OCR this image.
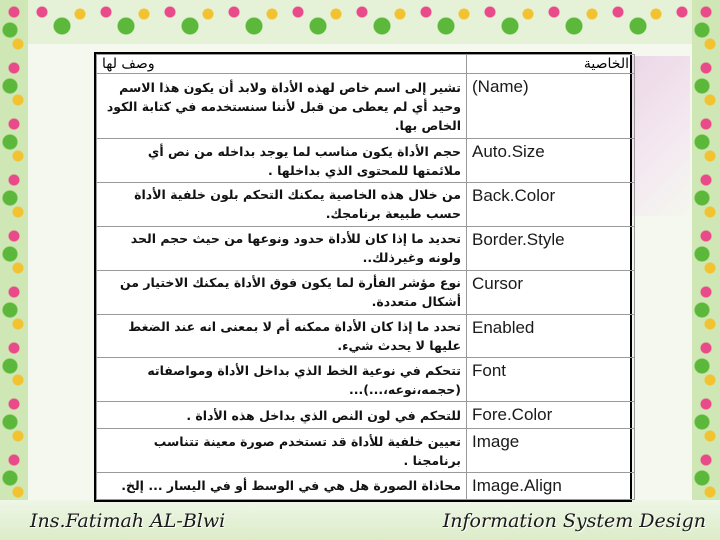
وصف لها	الخاصية
تشير إلى اسم خاص لهذه الأداة ولابد أن يكون هذا الاسم وحيد أي لم يعطى من قبل لأننا سنستخدمه في كتابة الكود الخاص بها.	(Name)
حجم الأداة يكون مناسب لما يوجد بداخله من نص أي ملائمتها للمحتوى الذي بداخلها .	Auto.Size
من خلال هذه الخاصية يمكنك التحكم بلون خلفية الأداة حسب طبيعة برنامجك.	Back.Color
تحديد ما إذا كان للأداة حدود ونوعها من حيث حجم الحد ولونه وغيرذلك..	Border.Style
نوع مؤشر الفأرة لما يكون فوق الأداة يمكنك الاختيار من أشكال متعددة.	Cursor
تحدد ما إذا كان الأداة ممكنه أم لا بمعنى انه عند الضغط عليها لا يحدث شيء.	Enabled
تتحكم في نوعية الخط الذي بداخل الأداة ومواصفاته (حجمه،نوعه،...)...	Font
للتحكم في لون النص الذي بداخل هذه الأداة .	Fore.Color
تعيين خلفية للأداة قد تستخدم صورة معينة تتناسب برنامجنا .	Image
محاذاة الصورة هل هي في الوسط أو في اليسار ... إلخ.	Image.Align
Ins.Fatimah AL-Blwi	Information System Design
